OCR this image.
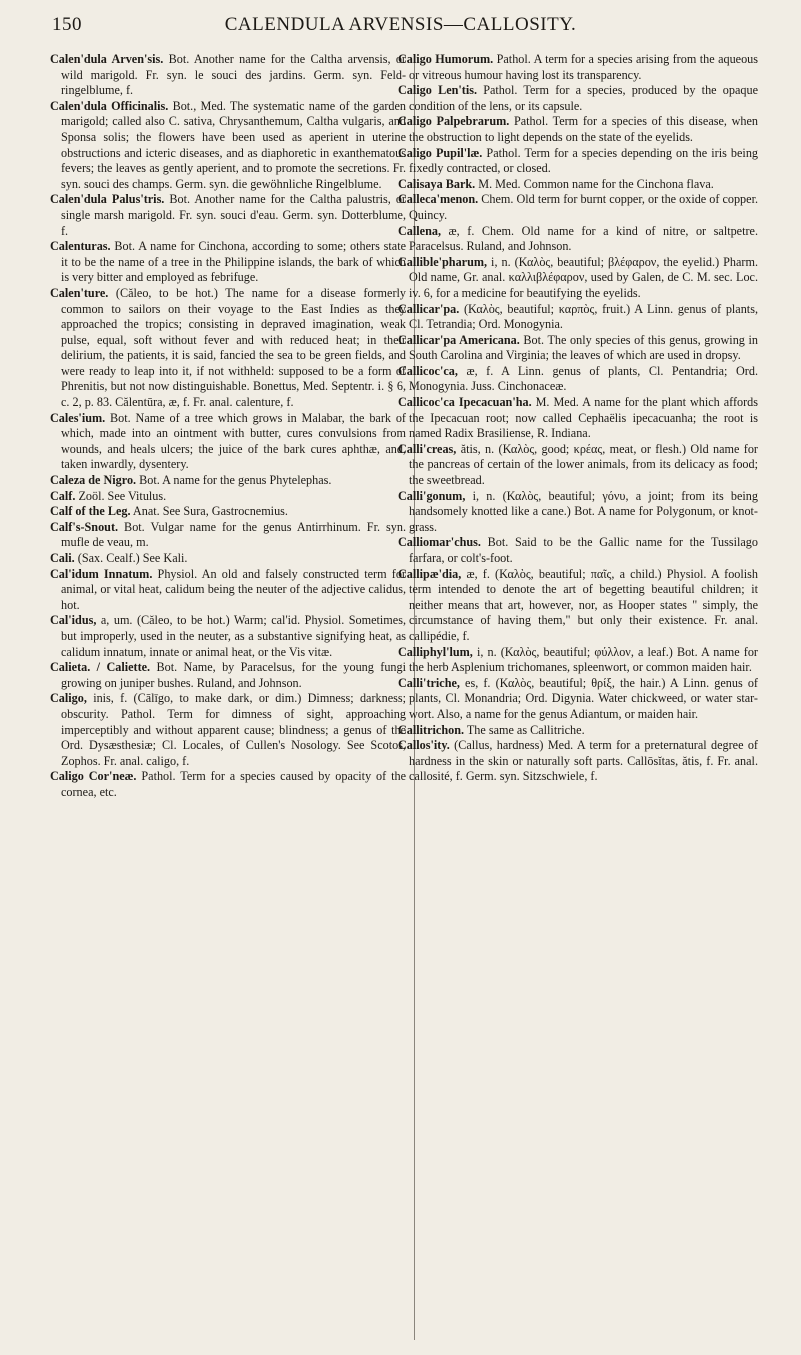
150	CALENDULA ARVENSIS—CALLOSITY.

Calen'dula Arven'sis. Bot. Another name for the Caltha arvensis, or wild marigold. Fr. syn. le souci des jardins. Germ. syn. Feld-ringelblume, f.

Calen'dula Officinalis. Bot., Med. The systematic name of the garden marigold; called also C. sativa, Chrysanthemum, Caltha vulgaris, and Sponsa solis; the flowers have been used as aperient in uterine obstructions and icteric diseases, and as diaphoretic in exanthematous fevers; the leaves as gently aperient, and to promote the secretions. Fr. syn. souci des champs. Germ. syn. die gewöhnliche Ringelblume.

Calen'dula Palus'tris. Bot. Another name for the Caltha palustris, or single marsh marigold. Fr. syn. souci d'eau. Germ. syn. Dotterblume, f.

Calenturas. Bot. A name for Cinchona, according to some; others state it to be the name of a tree in the Philippine islands, the bark of which is very bitter and employed as febrifuge.

Calen'ture. (Căleo, to be hot.) The name for a disease formerly common to sailors on their voyage to the East Indies as they approached the tropics; consisting in depraved imagination, weak pulse, equal, soft without fever and with reduced heat; in their delirium, the patients, it is said, fancied the sea to be green fields, and were ready to leap into it, if not withheld: supposed to be a form of Phrenitis, but not now distinguishable. Bonettus, Med. Septentr. i. § 6, c. 2, p. 83. Călentūra, æ, f. Fr. anal. calenture, f.

Cales'ium. Bot. Name of a tree which grows in Malabar, the bark of which, made into an ointment with butter, cures convulsions from wounds, and heals ulcers; the juice of the bark cures aphthæ, and, taken inwardly, dysentery.

Caleza de Nigro. Bot. A name for the genus Phytelephas.

Calf. Zoöl. See Vitulus.

Calf of the Leg. Anat. See Sura, Gastrocnemius.

Calf's-Snout. Bot. Vulgar name for the genus Antirrhinum. Fr. syn. mufle de veau, m.

Cali. (Sax. Cealf.) See Kali.

Cal'idum Innatum. Physiol. An old and falsely constructed term for animal, or vital heat, calidum being the neuter of the adjective calidus, hot.

Cal'idus, a, um. (Căleo, to be hot.) Warm; cal'id. Physiol. Sometimes, but improperly, used in the neuter, as a substantive signifying heat, as calidum innatum, innate or animal heat, or the Vis vitæ.

Calieta. / Caliette. Bot. Name, by Paracelsus, for the young fungi growing on juniper bushes. Ruland, and Johnson.

Caligo, inis, f. (Cālīgo, to make dark, or dim.) Dimness; darkness; obscurity. Pathol. Term for dimness of sight, approaching imperceptibly and without apparent cause; blindness; a genus of the Ord. Dysæsthesiæ; Cl. Locales, of Cullen's Nosology. See Scotos, Zophos. Fr. anal. caligo, f.

Caligo Cor'neæ. Pathol. Term for a species caused by opacity of the cornea, etc.

Caligo Humorum. Pathol. A term for a species arising from the aqueous or vitreous humour having lost its transparency.

Caligo Len'tis. Pathol. Term for a species, produced by the opaque condition of the lens, or its capsule.

Caligo Palpebrarum. Pathol. Term for a species of this disease, when the obstruction to light depends on the state of the eyelids.

Caligo Pupil'læ. Pathol. Term for a species depending on the iris being fixedly contracted, or closed.

Calisaya Bark. M. Med. Common name for the Cinchona flava.

Calleca'menon. Chem. Old term for burnt copper, or the oxide of copper. Quincy.

Callena, æ, f. Chem. Old name for a kind of nitre, or saltpetre. Paracelsus. Ruland, and Johnson.

Callible'pharum, i, n. (Καλὸς, beautiful; βλέφαρον, the eyelid.) Pharm. Old name, Gr. anal. καλλιβλέφαρον, used by Galen, de C. M. sec. Loc. iv. 6, for a medicine for beautifying the eyelids.

Callicar'pa. (Καλὸς, beautiful; καρπὸς, fruit.) A Linn. genus of plants, Cl. Tetrandia; Ord. Monogynia.

Callicar'pa Americana. Bot. The only species of this genus, growing in South Carolina and Virginia; the leaves of which are used in dropsy.

Callicoc'ca, æ, f. A Linn. genus of plants, Cl. Pentandria; Ord. Monogynia. Juss. Cinchonaceæ.

Callicoc'ca Ipecacuan'ha. M. Med. A name for the plant which affords the Ipecacuan root; now called Cephaëlis ipecacuanha; the root is named Radix Brasiliense, R. Indiana.

Calli'creas, ătis, n. (Καλὸς, good; κρέας, meat, or flesh.) Old name for the pancreas of certain of the lower animals, from its delicacy as food; the sweetbread.

Calli'gonum, i, n. (Καλὸς, beautiful; γόνυ, a joint; from its being handsomely knotted like a cane.) Bot. A name for Polygonum, or knot-grass.

Calliomar'chus. Bot. Said to be the Gallic name for the Tussilago farfara, or colt's-foot.

Callipæ'dia, æ, f. (Καλὸς, beautiful; παῖς, a child.) Physiol. A foolish term intended to denote the art of begetting beautiful children; it neither means that art, however, nor, as Hooper states " simply, the circumstance of having them," but only their existence. Fr. anal. callipédie, f.

Calliphyl'lum, i, n. (Καλὸς, beautiful; φύλλον, a leaf.) Bot. A name for the herb Asplenium trichomanes, spleenwort, or common maiden hair.

Calli'triche, es, f. (Καλὸς, beautiful; θρίξ, the hair.) A Linn. genus of plants, Cl. Monandria; Ord. Digynia. Water chickweed, or water star-wort. Also, a name for the genus Adiantum, or maiden hair.

Callitrichon. The same as Callitriche.

Callos'ity. (Callus, hardness) Med. A term for a preternatural degree of hardness in the skin or naturally soft parts. Callōsĭtas, ătis, f. Fr. anal. callosité, f. Germ. syn. Sitzschwiele, f.
